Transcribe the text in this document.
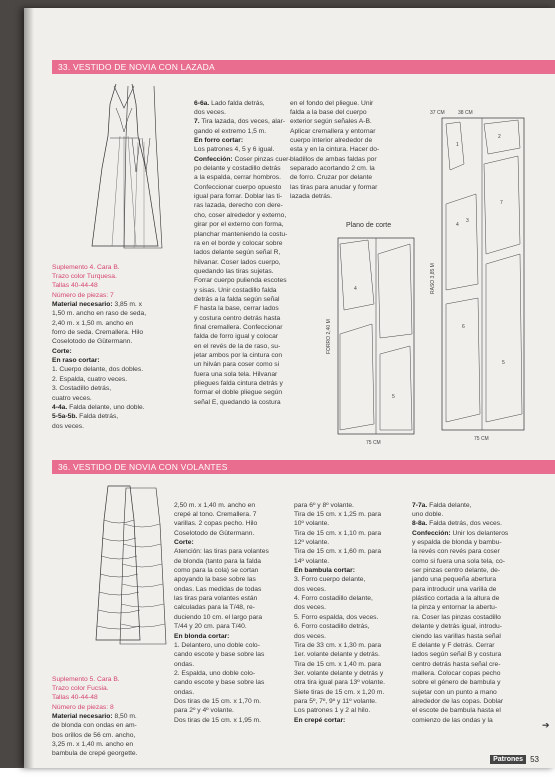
33. VESTIDO DE NOVIA CON LAZADA

Suplemento 4. Cara B.
Trazo color Turquesa.
Tallas 40-44-48
Número de piezas: 7
Material necesario: 3,85 m. x
1,50 m. ancho en raso de seda,
2,40 m. x 1,50 m. ancho en
forro de seda. Cremallera. Hilo
Coselotodo de Gütermann.
Corte:
En raso cortar:
1. Cuerpo delante, dos dobles.
2. Espalda, cuatro veces.
3. Costadillo detrás,
cuatro veces.
4-4a. Falda delante, uno doble.
5-5a-5b. Falda detrás,
dos veces.

6-6a. Lado falda detrás,
dos veces.
7. Tira lazada, dos veces, alar-
gando el extremo 1,5 m.
En forro cortar:
Los patrones 4, 5 y 6 igual.
Confección: Coser pinzas cuer-
po delante y costadillo detrás
a la espalda, cerrar hombros.
Confeccionar cuerpo opuesto
igual para forrar. Doblar las ti-
ras lazada, derecho con dere-
cho, coser alrededor y externo,
girar por el externo con forma,
planchar manteniendo la costu-
ra en el borde y colocar sobre
lados delante según señal R,
hilvanar. Coser lados cuerpo,
quedando las tiras sujetas.
Forrar cuerpo pulienda escotes
y sisas. Unir costadillo falda
detrás a la falda según señal
F hasta la base, cerrar lados
y costura centro detrás hasta
final cremallera. Confeccionar
falda de forro igual y colocar
en el revés de la de raso, su-
jetar ambos por la cintura con
un hilván para coser como si
fuera una sola tela. Hilvanar
pliegues falda cintura detrás y
formar el doble pliegue según
señal E, quedando la costura

en el fondo del pliegue. Unir
falda a la base del cuerpo
exterior según señales A-B.
Aplicar cremallera y entornar
cuerpo interior alrededor de
esta y en la cintura. Hacer do-
bladillos de ambas faldas por
separado acortando 2 cm. la
de forro. Cruzar por delante
las tiras para anudar y formar
lazada detrás.

Plano de corte
4
5
FORRO 2,40 M
75 CM
37 CM	38 CM
1
2
4
7
6
5
RASO 3,85 M
75 CM
3
36. VESTIDO DE NOVIA CON VOLANTES

Suplemento 5. Cara B.
Trazo color Fucsia.
Tallas 40-44-48
Número de piezas: 8
Material necesario: 8,50 m.
de blonda con ondas en am-
bos orillos de 56 cm. ancho,
3,25 m. x 1,40 m. ancho en
bambula de crepé georgette.

2,50 m. x 1,40 m. ancho en
crepé al tono. Cremallera. 7
varillas. 2 copas pecho. Hilo
Coselotodo de Gütermann.
Corte:
Atención: las tiras para volantes
de blonda (tanto para la falda
como para la cola) se cortan
apoyando la base sobre las
ondas. Las medidas de todas
las tiras para volantes están
calculadas para la T/48, re-
duciendo 10 cm. el largo para
T/44 y 20 cm. para T/40.
En blonda cortar:
1. Delantero, uno doble colo-
cando escote y base sobre las
ondas.
2. Espalda, uno doble colo-
cando escote y base sobre las
ondas.
Dos tiras de 15 cm. x 1,70 m.
para 2º y 4º volante.
Dos tiras de 15 cm. x 1,95 m.

para 6º y 8º volante.
Tira de 15 cm. x 1,25 m. para
10º volante.
Tira de 15 cm. x 1,10 m. para
12º volante.
Tira de 15 cm. x 1,60 m. para
14º volante.
En bambula cortar:
3. Forro cuerpo delante,
dos veces.
4. Forro costadillo delante,
dos veces.
5. Forro espalda, dos veces.
6. Forro costadillo detrás,
dos veces.
Tira de 33 cm. x 1,30 m. para
1er. volante delante y detrás.
Tira de 15 cm. x 1,40 m. para
3er. volante delante y detrás y
otra tira igual para 13º volante.
Siete tiras de 15 cm. x 1,20 m.
para 5º, 7º, 9º y 11º volante.
Los patrones 1 y 2 al hilo.
En crepé cortar:

7-7a. Falda delante,
uno doble.
8-8a. Falda detrás, dos veces.
Confección: Unir los delanteros
y espalda de blonda y bambu-
la revés con revés para coser
como si fuera una sola tela, co-
ser pinzas centro delante, de-
jando una pequeña abertura
para introducir una varilla de
plástico cortada a la altura de
la pinza y entornar la abertu-
ra. Coser las pinzas costadillo
delante y detrás igual, introdu-
ciendo las varillas hasta señal
E delante y F detrás. Cerrar
lados según señal B y costura
centro detrás hasta señal cre-
mallera. Colocar copas pecho
sobre el género de bambula y
sujetar con un punto a mano
alrededor de las copas. Doblar
el escote de bambula hasta el
comienzo de las ondas y la

	➔
Patrones 53
